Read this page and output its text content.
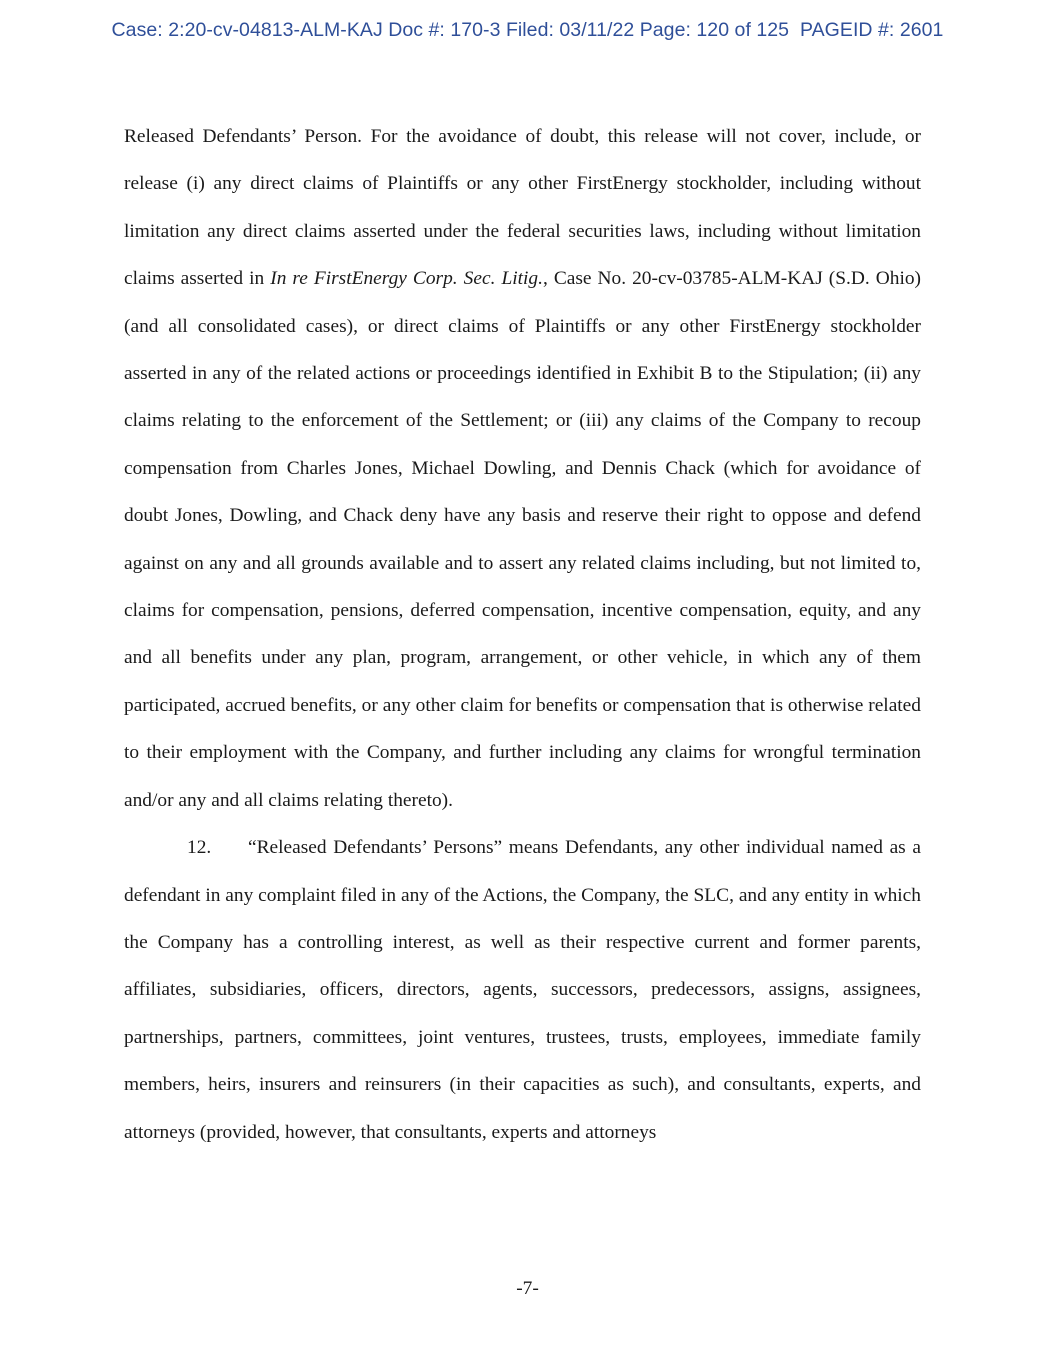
Case: 2:20-cv-04813-ALM-KAJ Doc #: 170-3 Filed: 03/11/22 Page: 120 of 125  PAGEID #: 2601

Released Defendants’ Person. For the avoidance of doubt, this release will not cover, include, or release (i) any direct claims of Plaintiffs or any other FirstEnergy stockholder, including without limitation any direct claims asserted under the federal securities laws, including without limitation claims asserted in In re FirstEnergy Corp. Sec. Litig., Case No. 20-cv-03785-ALM-KAJ (S.D. Ohio) (and all consolidated cases), or direct claims of Plaintiffs or any other FirstEnergy stockholder asserted in any of the related actions or proceedings identified in Exhibit B to the Stipulation; (ii) any claims relating to the enforcement of the Settlement; or (iii) any claims of the Company to recoup compensation from Charles Jones, Michael Dowling, and Dennis Chack (which for avoidance of doubt Jones, Dowling, and Chack deny have any basis and reserve their right to oppose and defend against on any and all grounds available and to assert any related claims including, but not limited to, claims for compensation, pensions, deferred compensation, incentive compensation, equity, and any and all benefits under any plan, program, arrangement, or other vehicle, in which any of them participated, accrued benefits, or any other claim for benefits or compensation that is otherwise related to their employment with the Company, and further including any claims for wrongful termination and/or any and all claims relating thereto).

12. “Released Defendants’ Persons” means Defendants, any other individual named as a defendant in any complaint filed in any of the Actions, the Company, the SLC, and any entity in which the Company has a controlling interest, as well as their respective current and former parents, affiliates, subsidiaries, officers, directors, agents, successors, predecessors, assigns, assignees, partnerships, partners, committees, joint ventures, trustees, trusts, employees, immediate family members, heirs, insurers and reinsurers (in their capacities as such), and consultants, experts, and attorneys (provided, however, that consultants, experts and attorneys

-7-
